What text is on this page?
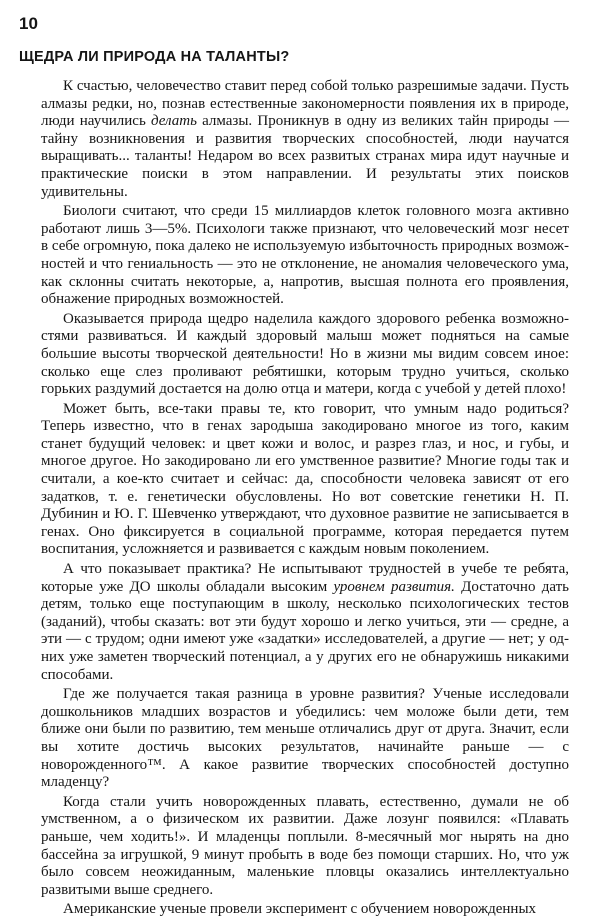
10
ЩЕДРА ЛИ ПРИРОДА НА ТАЛАНТЫ?

К счастью, человечество ставит перед собой только разрешимые задачи. Пусть алмазы редки, но, познав естественные закономерности появления их в природе, люди научились делать алмазы. Проникнув в одну из великих тайн природы — тайну возникновения и развития творческих способностей, люди научатся выращивать... таланты! Недаром во всех развитых странах мира идут научные и практические поиски в этом направлении. И результаты этих поисков удивительны.

Биологи считают, что среди 15 миллиардов клеток головного мозга активно работают лишь 3—5%. Психологи также признают, что человеческий мозг несет в себе огромную, пока далеко не используемую избыточность природных возможностей и что гениальность — это не отклонение, не аномалия человеческого ума, как склонны считать некоторые, а, напротив, высшая полнота его проявления, обнажение природных возможностей.

Оказывается природа щедро наделила каждого здорового ребенка возможностями развиваться. И каждый здоровый малыш может подняться на самые большие высоты творческой деятельности! Но в жизни мы видим совсем иное: сколько еще слез проливают ребятишки, которым трудно учиться, сколько горьких раздумий достается на долю отца и матери, когда с учебой у детей плохо!

Может быть, все-таки правы те, кто говорит, что умным надо родиться? Теперь известно, что в генах зародыша закодировано многое из того, каким станет будущий человек: и цвет кожи и волос, и разрез глаз, и нос, и губы, и многое другое. Но закодировано ли его умственное развитие? Многие годы так и считали, а кое-кто считает и сейчас: да, способности человека зависят от его задатков, т. е. генетически обусловлены. Но вот советские генетики Н. П. Дубинин и Ю. Г. Шевченко утверждают, что духовное развитие не записывается в генах. Оно фиксируется в социальной программе, которая передается путем воспитания, усложняется и развивается с каждым новым поколением.

А что показывает практика? Не испытывают трудностей в учебе те ребята, которые уже ДО школы обладали высоким уровнем развития. Достаточно дать детям, только еще поступающим в школу, несколько психологических тестов (заданий), чтобы сказать: вот эти будут хорошо и легко учиться, эти — средне, а эти — с трудом; одни имеют уже «задатки» исследователей, а другие — нет; у одних уже заметен творческий потенциал, а у других его не обнаружишь никакими способами.

Где же получается такая разница в уровне развития? Ученые исследовали дошкольников младших возрастов и убедились: чем моложе были дети, тем ближе они были по развитию, тем меньше отличались друг от друга. Значит, если вы хотите достичь высоких результатов, начинайте раньше — с новорожденного™. А какое развитие творческих способностей доступно младенцу?

Когда стали учить новорожденных плавать, естественно, думали не об умственном, а о физическом их развитии. Даже лозунг появился: «Плавать раньше, чем ходить!». И младенцы поплыли. 8-месячный мог нырять на дно бассейна за игрушкой, 9 минут пробыть в воде без помощи старших. Но, что уж было совсем неожиданным, маленькие пловцы оказались интеллектуально развитыми выше среднего.

Американские ученые провели эксперимент с обучением новорожденных
